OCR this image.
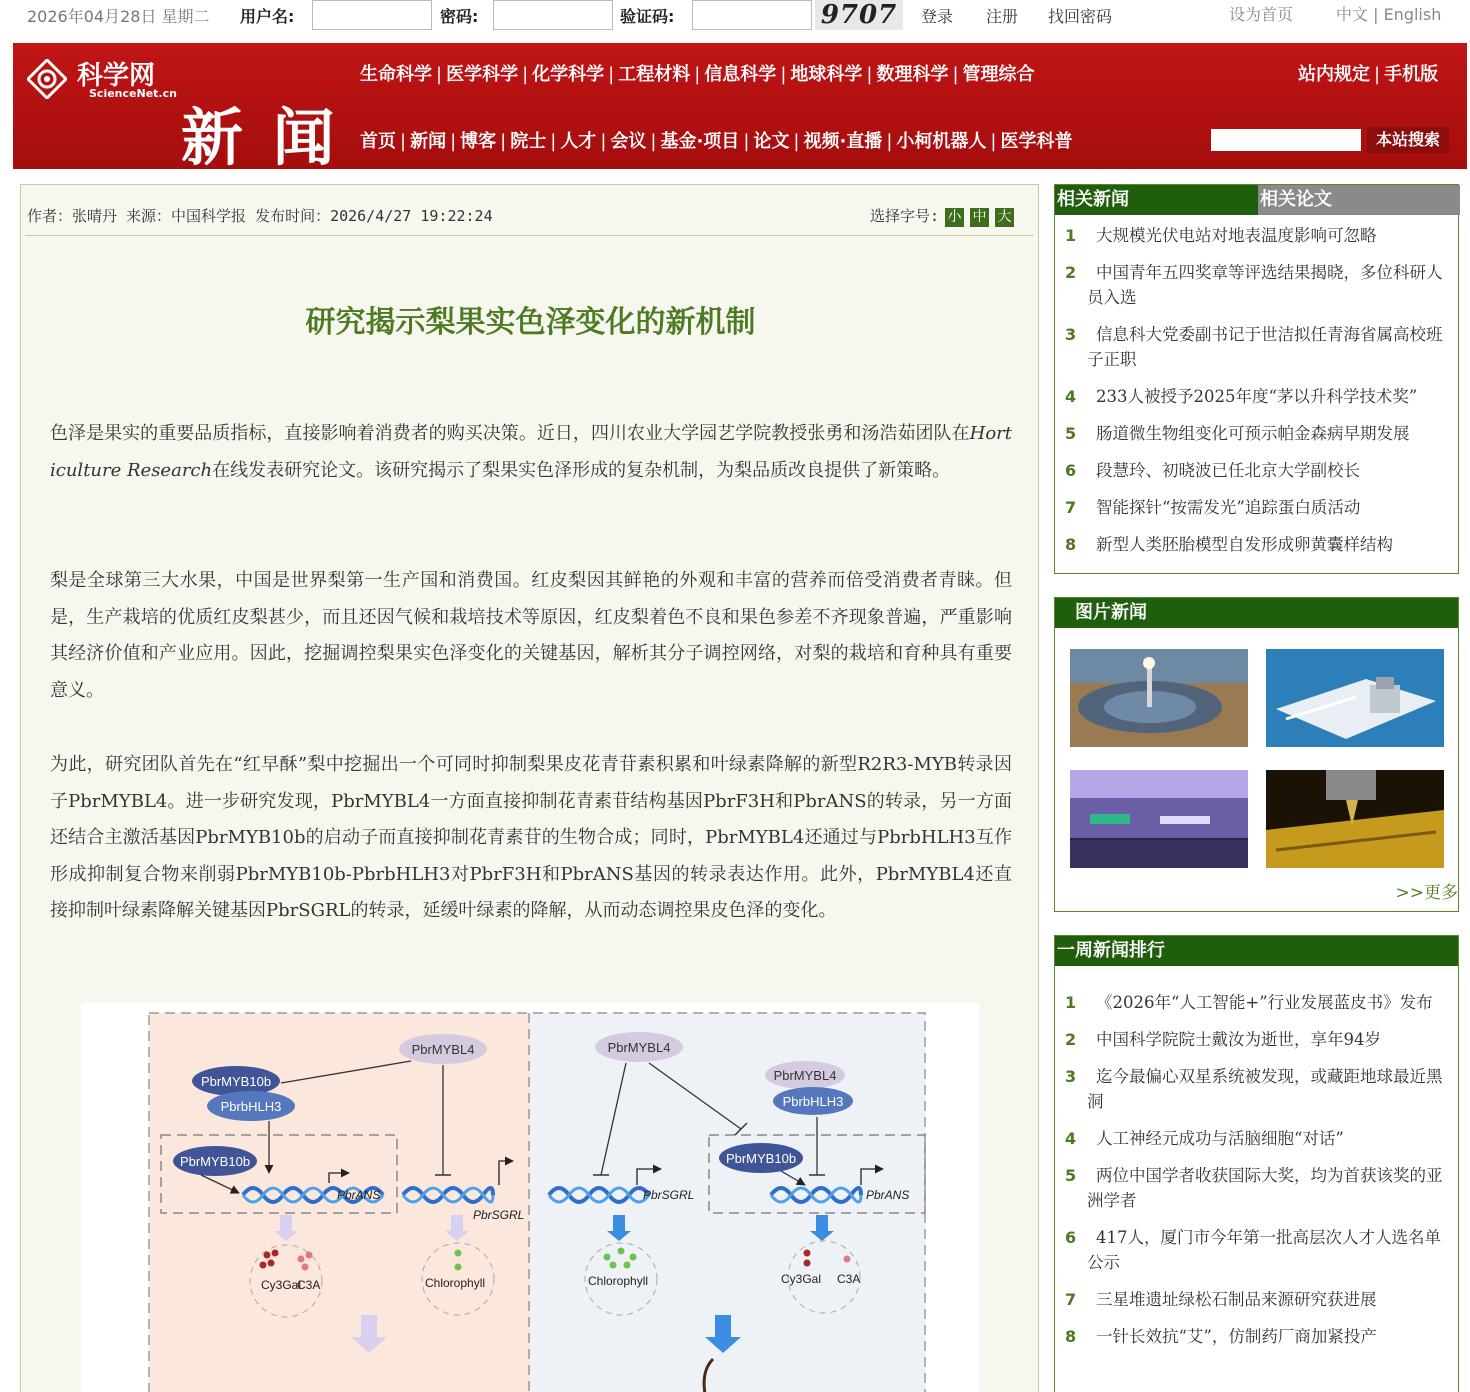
2026年04月28日 星期二 用户名:	密码:	验证码:	9707	登录 注册 找回密码	设为首页	中文 | English
科学网
ScienceNet.cn
新 闻
生命科学 | 医学科学 | 化学科学 | 工程材料 | 信息科学 | 地球科学 | 数理科学 | 管理综合
首页 | 新闻 | 博客 | 院士 | 人才 | 会议 | 基金·项目 | 论文 | 视频·直播 | 小柯机器人 | 医学科普
站内规定 | 手机版
本站搜索
作者：张晴丹 来源：中国科学报 发布时间：2026/4/27 19:22:24	选择字号: 小 中 大
研究揭示梨果实色泽变化的新机制

色泽是果实的重要品质指标，直接影响着消费者的购买决策。近日，四川农业大学园艺学院教授张勇和汤浩茹团队在Horticulture Research在线发表研究论文。该研究揭示了梨果实色泽形成的复杂机制，为梨品质改良提供了新策略。

梨是全球第三大水果，中国是世界梨第一生产国和消费国。红皮梨因其鲜艳的外观和丰富的营养而倍受消费者青睐。但是，生产栽培的优质红皮梨甚少，而且还因气候和栽培技术等原因，红皮梨着色不良和果色参差不齐现象普遍，严重影响其经济价值和产业应用。因此，挖掘调控梨果实色泽变化的关键基因，解析其分子调控网络，对梨的栽培和育种具有重要意义。

为此，研究团队首先在“红早酥”梨中挖掘出一个可同时抑制梨果皮花青苷素积累和叶绿素降解的新型R2R3-MYB转录因子PbrMYBL4。进一步研究发现，PbrMYBL4一方面直接抑制花青素苷结构基因PbrF3H和PbrANS的转录，另一方面还结合主激活基因PbrMYB10b的启动子而直接抑制花青素苷的生物合成；同时，PbrMYBL4还通过与PbrbHLH3互作形成抑制复合物来削弱PbrMYB10b-PbrbHLH3对PbrF3H和PbrANS基因的转录表达作用。此外，PbrMYBL4还直接抑制叶绿素降解关键基因PbrSGRL的转录，延缓叶绿素的降解，从而动态调控果皮色泽的变化。

PbrMYB10b
PbrbHLH3
PbrMYBL4
PbrMYB10b
PbrANS
PbrSGRL
Cy3Gal
C3A	Chlorophyll
PbrMYBL4
PbrMYBL4
PbrbHLH3
PbrMYB10b
PbrSGRL	PbrANS
Chlorophyll	Cy3Gal C3A
相关新闻	相关论文
1 大规模光伏电站对地表温度影响可忽略
2 中国青年五四奖章等评选结果揭晓，多位科研人员入选
3 信息科大党委副书记于世洁拟任青海省属高校班子正职
4 233人被授予2025年度“茅以升科学技术奖”
5 肠道微生物组变化可预示帕金森病早期发展
6 段慧玲、初晓波已任北京大学副校长
7 智能探针“按需发光”追踪蛋白质活动
8 新型人类胚胎模型自发形成卵黄囊样结构
图片新闻
>>更多
一周新闻排行
1 《2026年“人工智能+”行业发展蓝皮书》发布
2 中国科学院院士戴汝为逝世，享年94岁
3 迄今最偏心双星系统被发现，或藏距地球最近黑洞
4 人工神经元成功与活脑细胞“对话”
5 两位中国学者收获国际大奖，均为首获该奖的亚洲学者
6 417人，厦门市今年第一批高层次人才人选名单公示
7 三星堆遗址绿松石制品来源研究获进展
8 一针长效抗“艾”，仿制药厂商加紧投产
